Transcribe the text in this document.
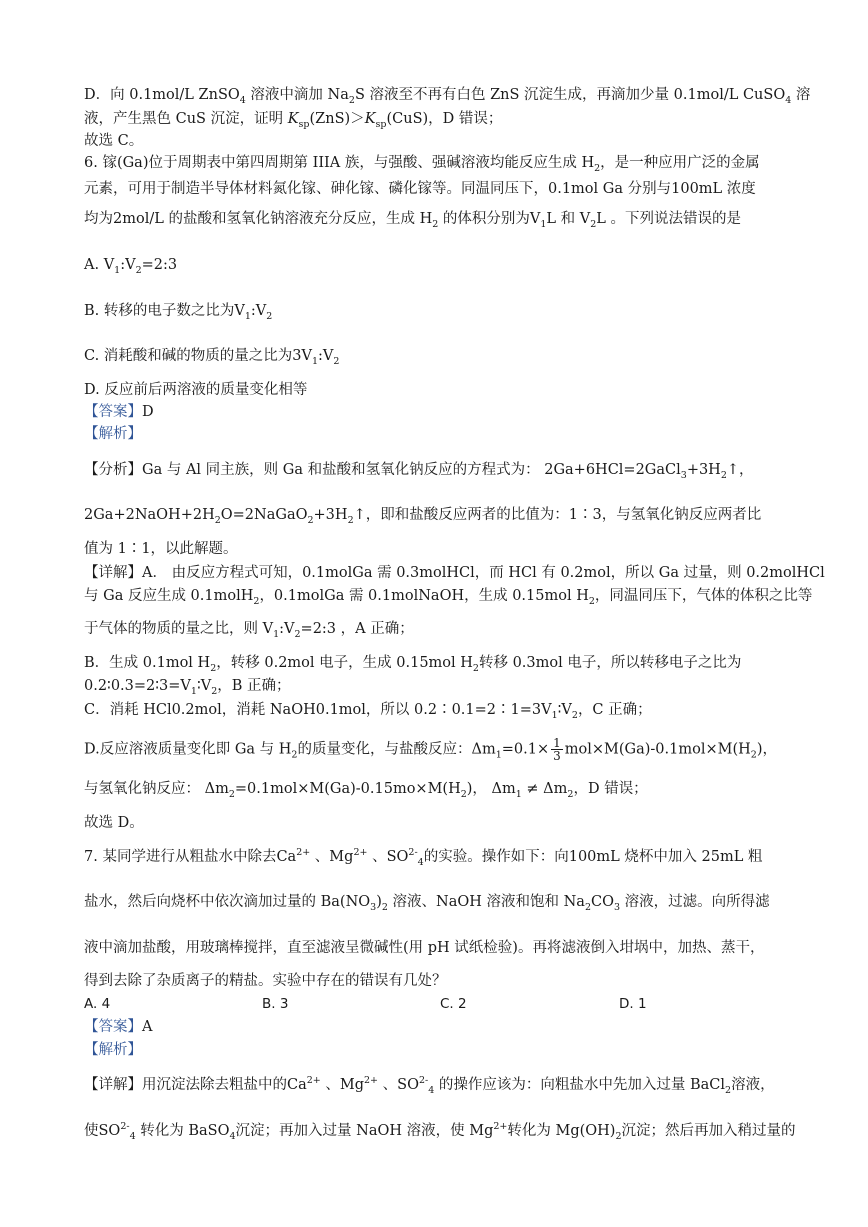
D．向 0.1mol/L ZnSO$_4$ 溶液中滴加 $Na_2S$ 溶液至不再有白色 ZnS 沉淀生成，再滴加少量 0.1mol/L CuSO$_4$ 溶
液，产生黑色 CuS 沉淀，证明 $K_{sp}(ZnS)>K_{sp}(CuS)$，D 错误；
故选 C。
6. 镓(Ga)位于周期表中第四周期第 IIIA 族，与强酸、强碱溶液均能反应生成 $H_2$，是一种应用广泛的金属
元素，可用于制造半导体材料氮化镓、砷化镓、磷化镓等。同温同压下，0.1mol Ga 分别与100mL 浓度
均为2mol/L 的盐酸和氢氧化钠溶液充分反应，生成 $H_2$ 的体积分别为$V_1L$ 和 $V_2L$ 。下列说法错误的是
A. $V_1:V_2=2:3$
B. 转移的电子数之比为$V_1:V_2$
C. 消耗酸和碱的物质的量之比为$3V_1:V_2$
D. 反应前后两溶液的质量变化相等
【答案】D
【解析】
【分析】Ga 与 Al 同主族，则 Ga 和盐酸和氢氧化钠反应的方程式为： $2Ga+6HCl=2GaCl_3+3H_2↑$，
$2Ga+2NaOH+2H_2O=2NaGaO_2+3H_2↑$，即和盐酸反应两者的比值为：1∶3，与氢氧化钠反应两者比
值为 1∶1，以此解题。
【详解】A． 由反应方程式可知，0.1molGa 需 0.3molHCl，而 HCl 有 0.2mol，所以 Ga 过量，则 0.2molHCl
与 Ga 反应生成 0.1molH$_2$，0.1molGa 需 0.1molNaOH，生成 0.15mol $H_2$，同温同压下，气体的体积之比等
于气体的物质的量之比，则 $V_1:V_2=2:3$ ，A 正确；
B．生成 0.1mol $H_2$，转移 0.2mol 电子，生成 0.15mol $H_2$转移 0.3mol 电子，所以转移电子之比为
$0.2∶0.3=2∶3=V_1∶V_2$，B 正确；
C．消耗 HCl0.2mol，消耗 NaOH0.1mol，所以 $0.2∶0.1=2∶1=3V_1∶V_2$，C 正确；
D.反应溶液质量变化即 Ga 与 $H_2$的质量变化，与盐酸反应：$\Delta m_1=0.1\times \frac{1}{3} mol\times M(Ga)-0.1mol\times M(H_2)$，
与氢氧化钠反应： $\Delta m_2=0.1mol\times M(Ga)-0.15mo\times M(H_2)$， $\Delta m_1 \ne \Delta m_2$，D 错误；
故选 D。
7. 某同学进行从粗盐水中除去$Ca^{2+}$ 、$Mg^{2+}$ 、$SO^{2-}_4$的实验。操作如下：向100mL 烧杯中加入 25mL 粗
盐水，然后向烧杯中依次滴加过量的 $Ba(NO_3)_2$ 溶液、NaOH 溶液和饱和 $Na_2CO_3$ 溶液，过滤。向所得滤
液中滴加盐酸，用玻璃棒搅拌，直至滤液呈微碱性(用 pH 试纸检验)。再将滤液倒入坩埚中，加热、蒸干，
得到去除了杂质离子的精盐。实验中存在的错误有几处？
A. 4	B. 3	C. 2	D. 1
【答案】A
【解析】
【详解】用沉淀法除去粗盐中的$Ca^{2+}$ 、$Mg^{2+}$ 、$SO^{2-}_4$ 的操作应该为：向粗盐水中先加入过量 BaCl$_2$溶液，
使$SO^{2-}_4$ 转化为 BaSO$_4$沉淀；再加入过量 NaOH 溶液，使 $Mg^{2+}$转化为 $Mg(OH)_2$沉淀；然后再加入稍过量的
